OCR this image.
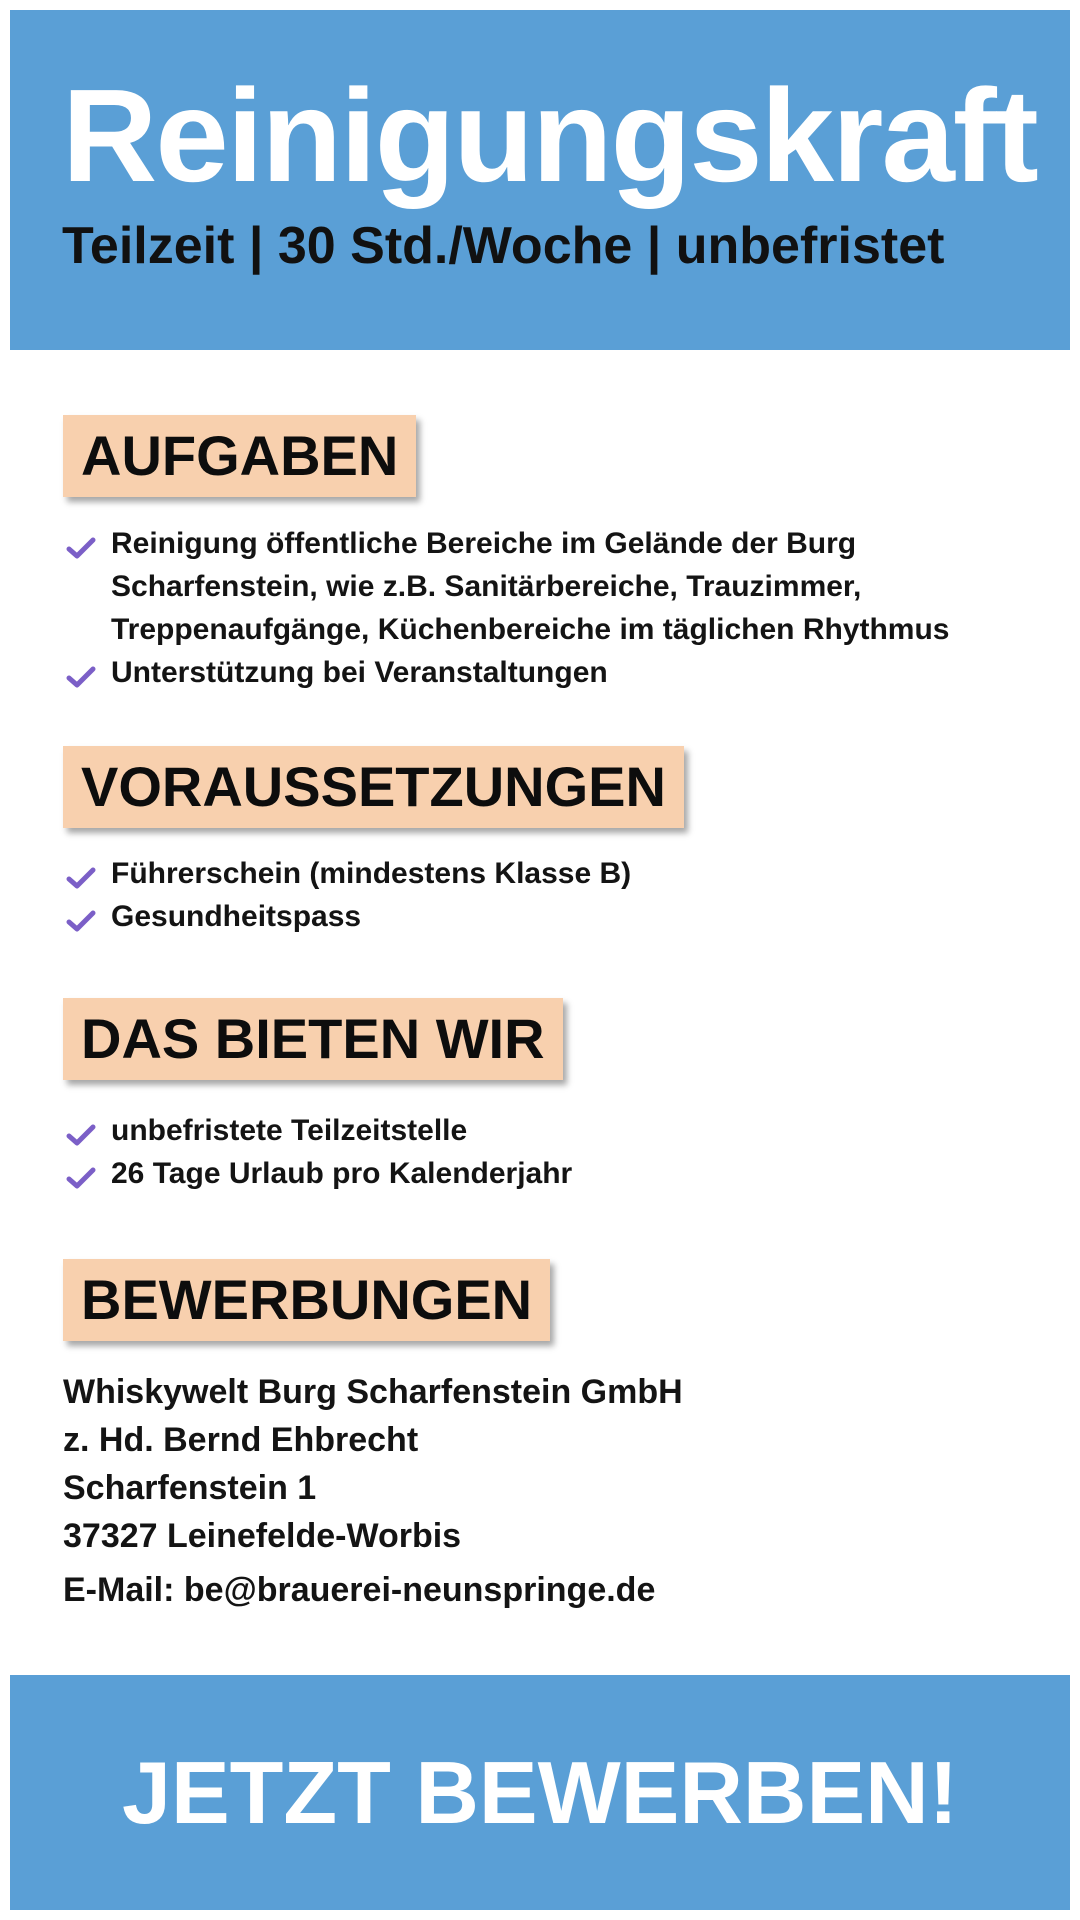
Reinigungskraft
Teilzeit | 30 Std./Woche | unbefristet
AUFGABEN
Reinigung öffentliche Bereiche im Gelände der Burg Scharfenstein, wie z.B. Sanitärbereiche, Trauzimmer, Treppenaufgänge, Küchenbereiche im täglichen Rhythmus
Unterstützung bei Veranstaltungen
VORAUSSETZUNGEN
Führerschein (mindestens Klasse B)
Gesundheitspass
DAS BIETEN WIR
unbefristete Teilzeitstelle
26 Tage Urlaub pro Kalenderjahr
BEWERBUNGEN
Whiskywelt Burg Scharfenstein GmbH
z. Hd. Bernd Ehbrecht
Scharfenstein 1
37327 Leinefelde-Worbis
E-Mail: be@brauerei-neunspringe.de
JETZT BEWERBEN!
